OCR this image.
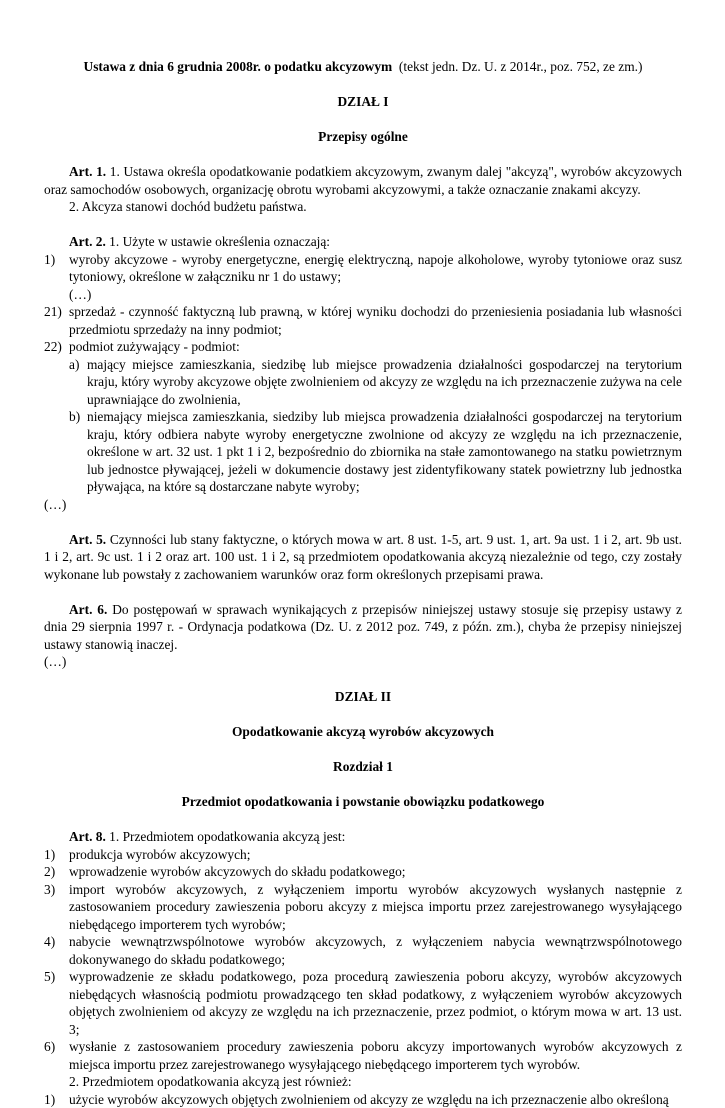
Ustawa z dnia 6 grudnia 2008r. o podatku akcyzowym (tekst jedn. Dz. U. z 2014r., poz. 752, ze zm.)

DZIAŁ I

Przepisy ogólne

Art. 1. 1. Ustawa określa opodatkowanie podatkiem akcyzowym, zwanym dalej "akcyzą", wyrobów akcyzowych oraz samochodów osobowych, organizację obrotu wyrobami akcyzowymi, a także oznaczanie znakami akcyzy.

2. Akcyza stanowi dochód budżetu państwa.

Art. 2. 1. Użyte w ustawie określenia oznaczają:

1) wyroby akcyzowe - wyroby energetyczne, energię elektryczną, napoje alkoholowe, wyroby tytoniowe oraz susz tytoniowy, określone w załączniku nr 1 do ustawy;
(…)
21) sprzedaż - czynność faktyczną lub prawną, w której wyniku dochodzi do przeniesienia posiadania lub własności przedmiotu sprzedaży na inny podmiot;
22) podmiot zużywający - podmiot:
a) mający miejsce zamieszkania, siedzibę lub miejsce prowadzenia działalności gospodarczej na terytorium kraju, który wyroby akcyzowe objęte zwolnieniem od akcyzy ze względu na ich przeznaczenie zużywa na cele uprawniające do zwolnienia,
b) niemający miejsca zamieszkania, siedziby lub miejsca prowadzenia działalności gospodarczej na terytorium kraju, który odbiera nabyte wyroby energetyczne zwolnione od akcyzy ze względu na ich przeznaczenie, określone w art. 32 ust. 1 pkt 1 i 2, bezpośrednio do zbiornika na stałe zamontowanego na statku powietrznym lub jednostce pływającej, jeżeli w dokumencie dostawy jest zidentyfikowany statek powietrzny lub jednostka pływająca, na które są dostarczane nabyte wyroby;

(…)

Art. 5. Czynności lub stany faktyczne, o których mowa w art. 8 ust. 1-5, art. 9 ust. 1, art. 9a ust. 1 i 2, art. 9b ust. 1 i 2, art. 9c ust. 1 i 2 oraz art. 100 ust. 1 i 2, są przedmiotem opodatkowania akcyzą niezależnie od tego, czy zostały wykonane lub powstały z zachowaniem warunków oraz form określonych przepisami prawa.

Art. 6. Do postępowań w sprawach wynikających z przepisów niniejszej ustawy stosuje się przepisy ustawy z dnia 29 sierpnia 1997 r. - Ordynacja podatkowa (Dz. U. z 2012 poz. 749, z późn. zm.), chyba że przepisy niniejszej ustawy stanowią inaczej.

(…)

DZIAŁ II

Opodatkowanie akcyzą wyrobów akcyzowych

Rozdział 1

Przedmiot opodatkowania i powstanie obowiązku podatkowego

Art. 8. 1. Przedmiotem opodatkowania akcyzą jest:

1) produkcja wyrobów akcyzowych;
2) wprowadzenie wyrobów akcyzowych do składu podatkowego;
3) import wyrobów akcyzowych, z wyłączeniem importu wyrobów akcyzowych wysłanych następnie z zastosowaniem procedury zawieszenia poboru akcyzy z miejsca importu przez zarejestrowanego wysyłającego niebędącego importerem tych wyrobów;
4) nabycie wewnątrzwspólnotowe wyrobów akcyzowych, z wyłączeniem nabycia wewnątrzwspólnotowego dokonywanego do składu podatkowego;
5) wyprowadzenie ze składu podatkowego, poza procedurą zawieszenia poboru akcyzy, wyrobów akcyzowych niebędących własnością podmiotu prowadzącego ten skład podatkowy, z wyłączeniem wyrobów akcyzowych objętych zwolnieniem od akcyzy ze względu na ich przeznaczenie, przez podmiot, o którym mowa w art. 13 ust. 3;
6) wysłanie z zastosowaniem procedury zawieszenia poboru akcyzy importowanych wyrobów akcyzowych z miejsca importu przez zarejestrowanego wysyłającego niebędącego importerem tych wyrobów.

2. Przedmiotem opodatkowania akcyzą jest również:

1) użycie wyrobów akcyzowych objętych zwolnieniem od akcyzy ze względu na ich przeznaczenie albo określoną
